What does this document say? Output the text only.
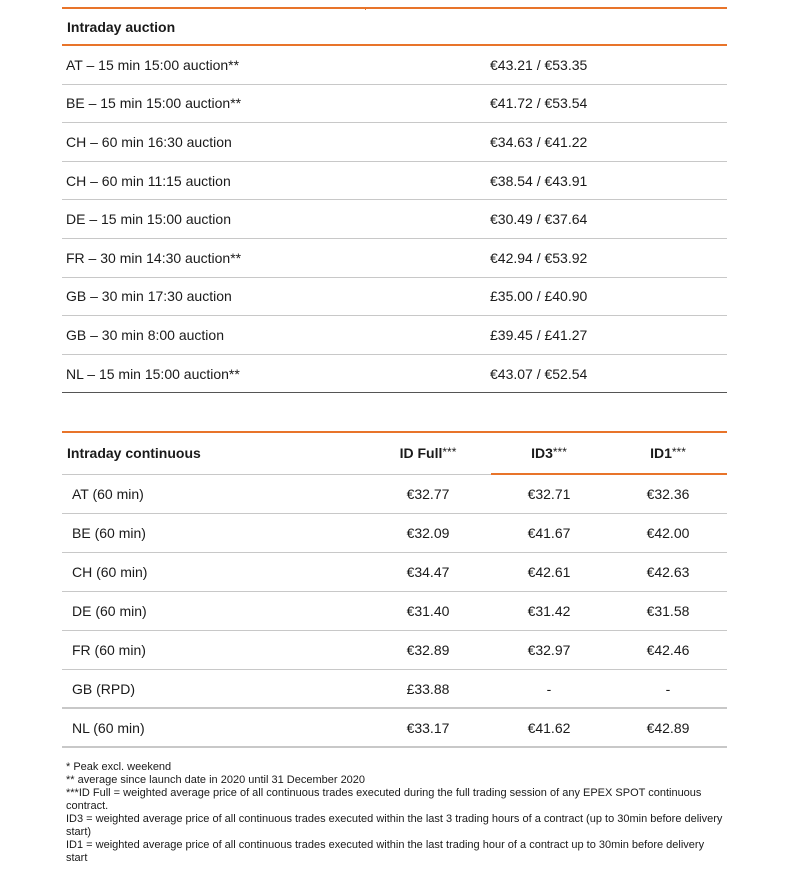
Intraday auction
AT – 15 min 15:00 auction**	€43.21 / €53.35
BE – 15 min 15:00 auction**	€41.72 / €53.54
CH – 60 min 16:30 auction	€34.63 / €41.22
CH – 60 min 11:15 auction	€38.54 / €43.91
DE – 15 min 15:00 auction	€30.49 / €37.64
FR – 30 min 14:30 auction**	€42.94 / €53.92
GB – 30 min 17:30 auction	£35.00 / £40.90
GB – 30 min 8:00 auction	£39.45 / £41.27
NL – 15 min 15:00 auction**	€43.07 / €52.54
Intraday continuous	ID Full***	ID3***	ID1***
AT (60 min)	€32.77	€32.71	€32.36
BE (60 min)	€32.09	€41.67	€42.00
CH (60 min)	€34.47	€42.61	€42.63
DE (60 min)	€31.40	€31.42	€31.58
FR (60 min)	€32.89	€32.97	€42.46
GB (RPD)	£33.88	-	-
NL (60 min)	€33.17	€41.62	€42.89
* Peak excl. weekend
** average since launch date in 2020 until 31 December 2020
***ID Full = weighted average price of all continuous trades executed during the full trading session of any EPEX SPOT continuous contract.
ID3 = weighted average price of all continuous trades executed within the last 3 trading hours of a contract (up to 30min before delivery start)
ID1 = weighted average price of all continuous trades executed within the last trading hour of a contract up to 30min before delivery start
